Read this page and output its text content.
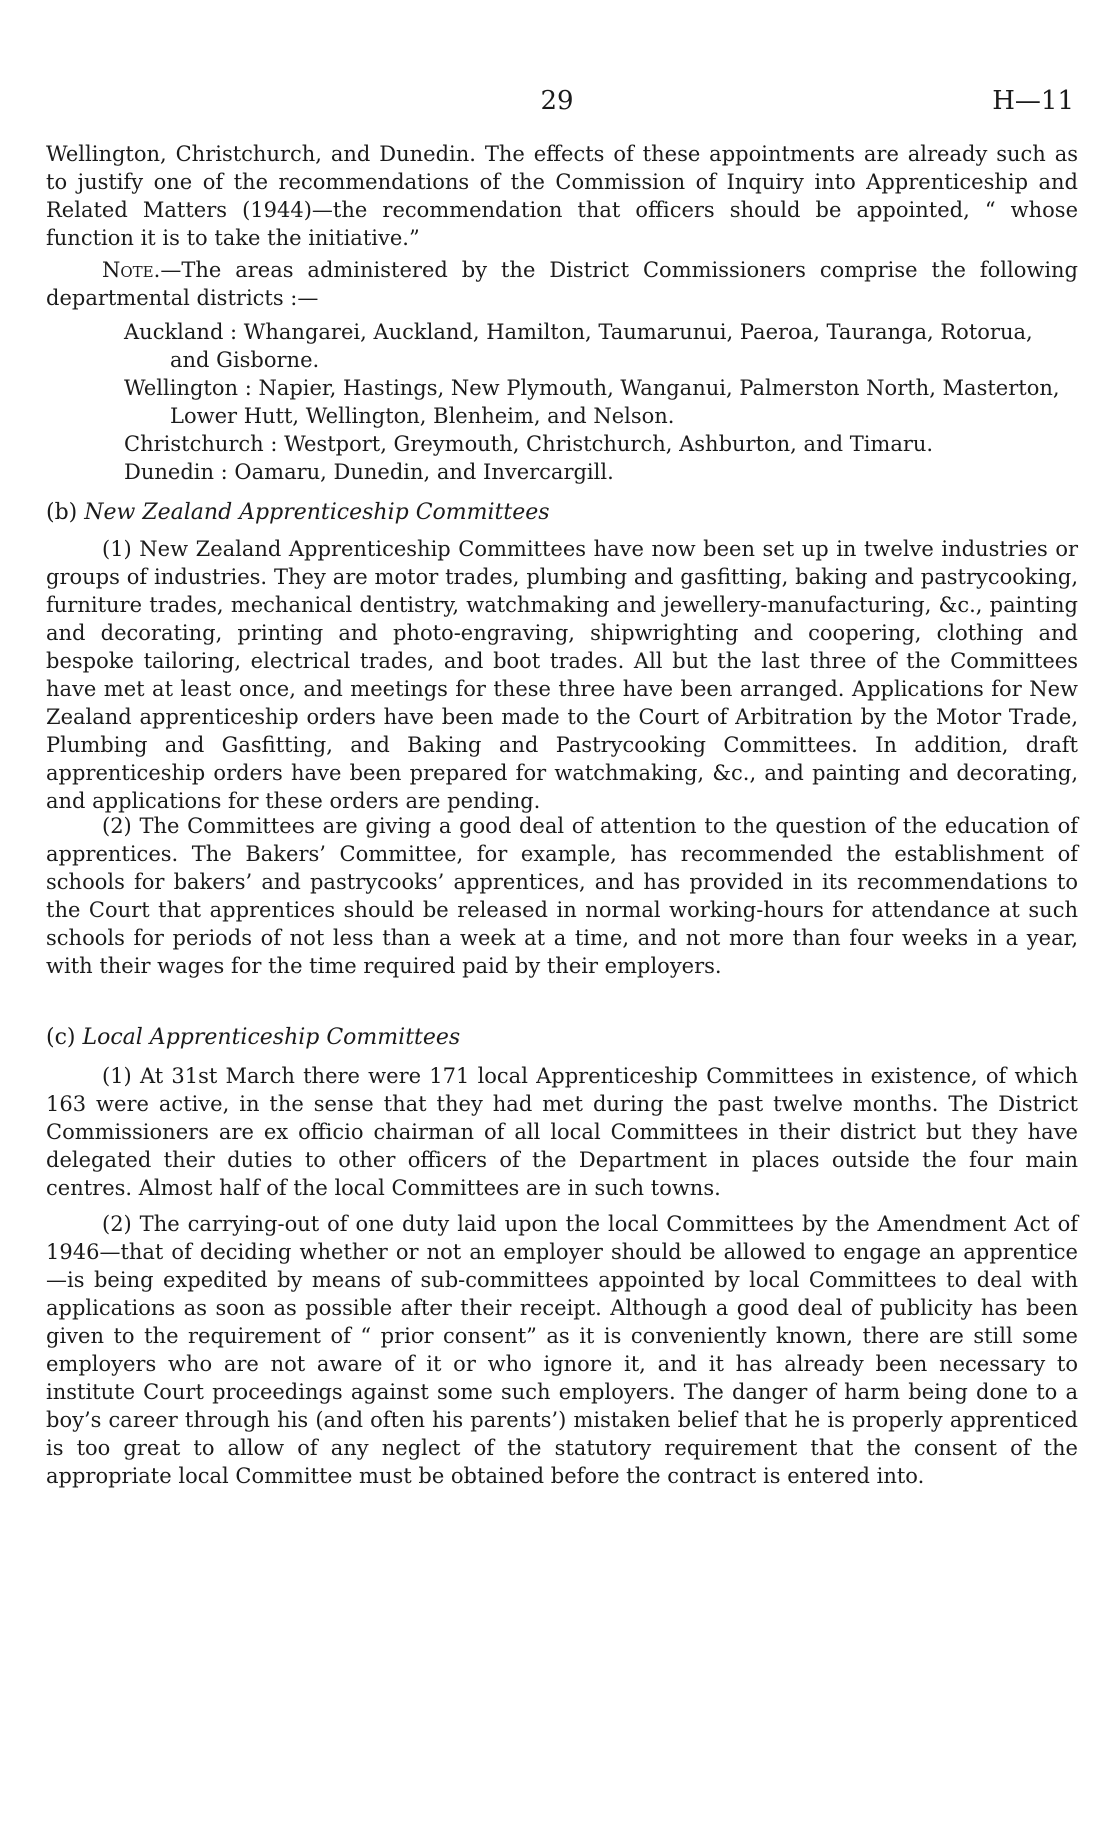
29	H—11

Wellington, Christchurch, and Dunedin. The effects of these appointments are already such as to justify one of the recommendations of the Commission of Inquiry into Apprenticeship and Related Matters (1944)—the recommendation that officers should be appointed, “ whose function it is to take the initiative.”

Note.—The areas administered by the District Commissioners comprise the following departmental districts :—

Auckland : Whangarei, Auckland, Hamilton, Taumarunui, Paeroa, Tauranga, Rotorua, and Gisborne.

Wellington : Napier, Hastings, New Plymouth, Wanganui, Palmerston North, Masterton, Lower Hutt, Wellington, Blenheim, and Nelson.

Christchurch : Westport, Greymouth, Christchurch, Ashburton, and Timaru.

Dunedin : Oamaru, Dunedin, and Invercargill.

(b) New Zealand Apprenticeship Committees

(1) New Zealand Apprenticeship Committees have now been set up in twelve industries or groups of industries. They are motor trades, plumbing and gasfitting, baking and pastrycooking, furniture trades, mechanical dentistry, watchmaking and jewellery-manufacturing, &c., painting and decorating, printing and photo-engraving, shipwrighting and coopering, clothing and bespoke tailoring, electrical trades, and boot trades. All but the last three of the Committees have met at least once, and meetings for these three have been arranged. Applications for New Zealand apprenticeship orders have been made to the Court of Arbitration by the Motor Trade, Plumbing and Gasfitting, and Baking and Pastrycooking Committees. In addition, draft apprenticeship orders have been prepared for watchmaking, &c., and painting and decorating, and applications for these orders are pending.

(2) The Committees are giving a good deal of attention to the question of the education of apprentices. The Bakers’ Committee, for example, has recommended the establishment of schools for bakers’ and pastrycooks’ apprentices, and has provided in its recommendations to the Court that apprentices should be released in normal working-hours for attendance at such schools for periods of not less than a week at a time, and not more than four weeks in a year, with their wages for the time required paid by their employers.

(c) Local Apprenticeship Committees

(1) At 31st March there were 171 local Apprenticeship Committees in existence, of which 163 were active, in the sense that they had met during the past twelve months. The District Commissioners are ex officio chairman of all local Committees in their district but they have delegated their duties to other officers of the Department in places outside the four main centres. Almost half of the local Committees are in such towns.

(2) The carrying-out of one duty laid upon the local Committees by the Amendment Act of 1946—that of deciding whether or not an employer should be allowed to engage an apprentice—is being expedited by means of sub-committees appointed by local Committees to deal with applications as soon as possible after their receipt. Although a good deal of publicity has been given to the requirement of “ prior consent” as it is conveniently known, there are still some employers who are not aware of it or who ignore it, and it has already been necessary to institute Court proceedings against some such employers. The danger of harm being done to a boy’s career through his (and often his parents’) mistaken belief that he is properly apprenticed is too great to allow of any neglect of the statutory requirement that the consent of the appropriate local Committee must be obtained before the contract is entered into.
